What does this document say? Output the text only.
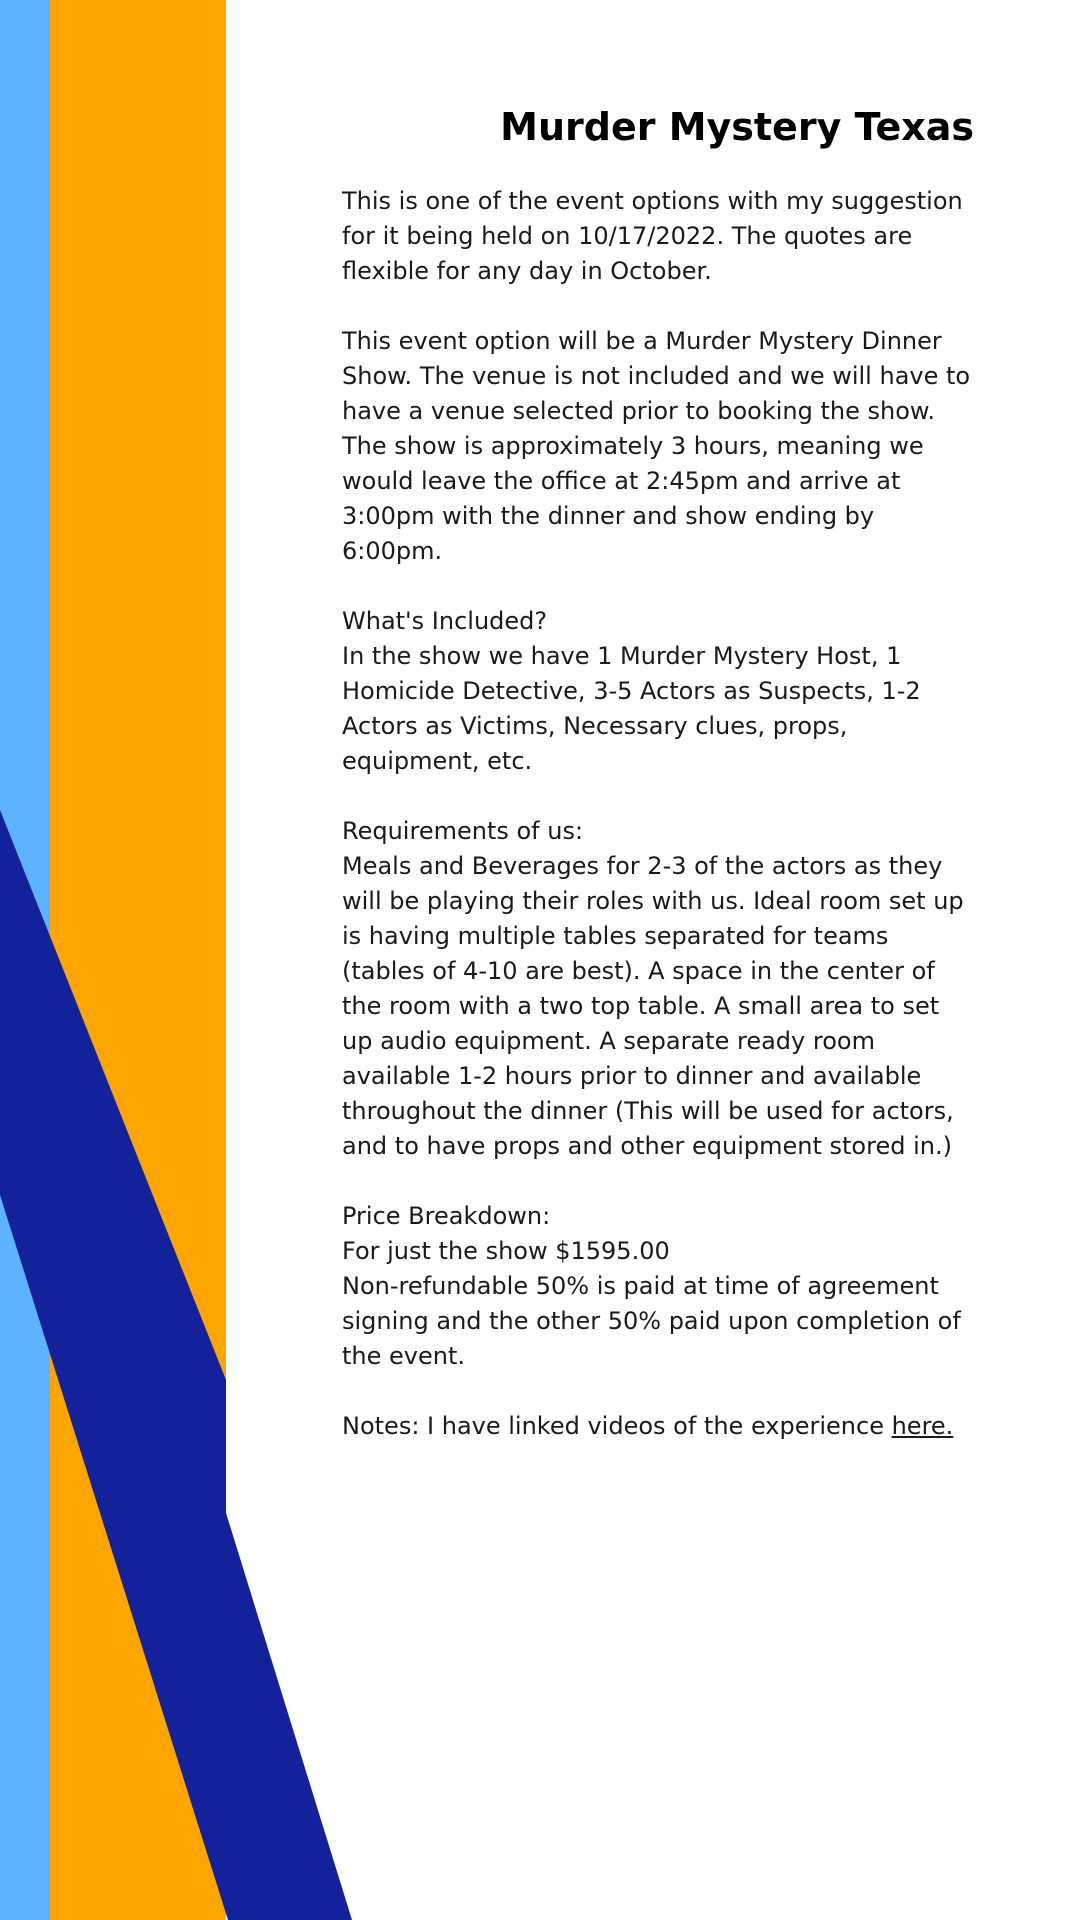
Murder Mystery Texas

This is one of the event options with my suggestion for it being held on 10/17/2022. The quotes are flexible for any day in October.

This event option will be a Murder Mystery Dinner Show. The venue is not included and we will have to have a venue selected prior to booking the show. The show is approximately 3 hours, meaning we would leave the office at 2:45pm and arrive at 3:00pm with the dinner and show ending by 6:00pm.

What's Included?
In the show we have 1 Murder Mystery Host, 1 Homicide Detective, 3-5 Actors as Suspects, 1-2 Actors as Victims, Necessary clues, props, equipment, etc.
Requirements of us:
Meals and Beverages for 2-3 of the actors as they will be playing their roles with us. Ideal room set up is having multiple tables separated for teams (tables of 4-10 are best). A space in the center of the room with a two top table. A small area to set up audio equipment. A separate ready room available 1-2 hours prior to dinner and available throughout the dinner (This will be used for actors, and to have props and other equipment stored in.)
Price Breakdown:
For just the show $1595.00
Non-refundable 50% is paid at time of agreement signing and the other 50% paid upon completion of the event.

Notes: I have linked videos of the experience here.
